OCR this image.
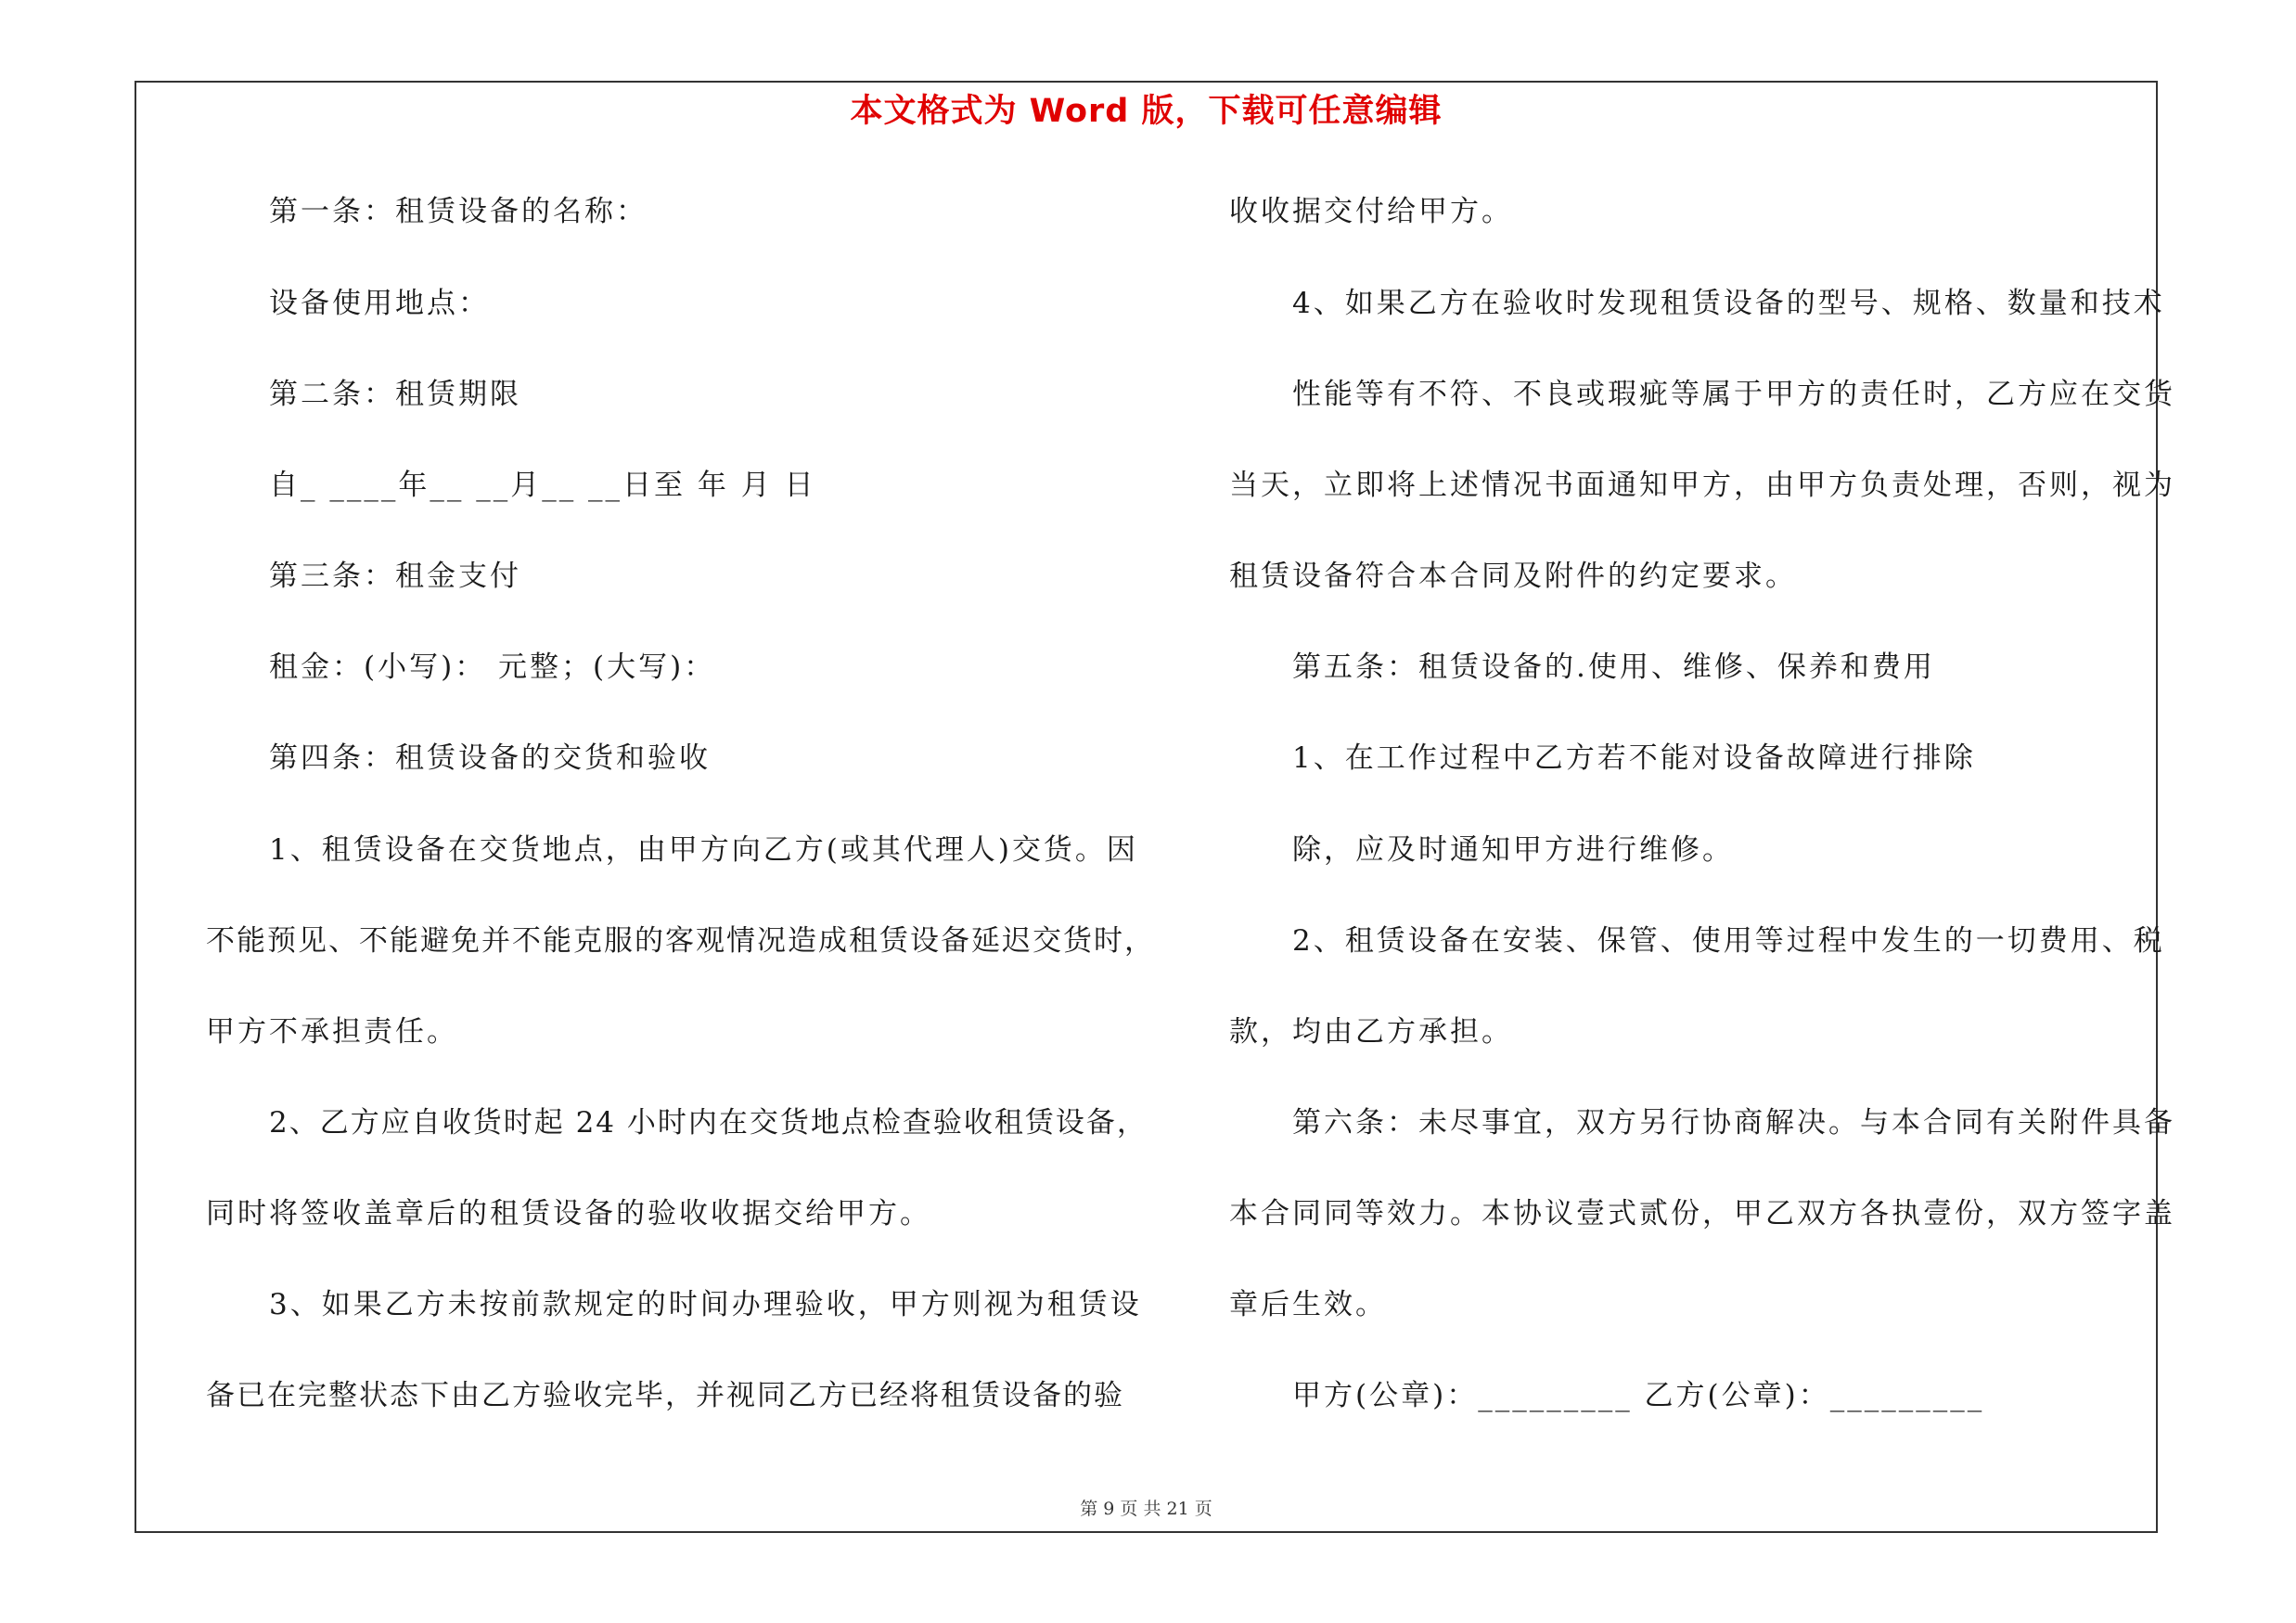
本文格式为 Word 版，下载可任意编辑
第一条：租赁设备的名称：
设备使用地点：
第二条：租赁期限
自_ ____年__ __月__ __日至 年 月 日
第三条：租金支付
租金：(小写)： 元整；(大写)：
第四条：租赁设备的交货和验收
1、租赁设备在交货地点，由甲方向乙方(或其代理人)交货。因
不能预见、不能避免并不能克服的客观情况造成租赁设备延迟交货时，
甲方不承担责任。
2、乙方应自收货时起 24 小时内在交货地点检查验收租赁设备，
同时将签收盖章后的租赁设备的验收收据交给甲方。
3、如果乙方未按前款规定的时间办理验收，甲方则视为租赁设
备已在完整状态下由乙方验收完毕，并视同乙方已经将租赁设备的验
收收据交付给甲方。
4、如果乙方在验收时发现租赁设备的型号、规格、数量和技术
性能等有不符、不良或瑕疵等属于甲方的责任时，乙方应在交货
当天，立即将上述情况书面通知甲方，由甲方负责处理，否则，视为
租赁设备符合本合同及附件的约定要求。
第五条：租赁设备的.使用、维修、保养和费用
1、在工作过程中乙方若不能对设备故障进行排除
除，应及时通知甲方进行维修。
2、租赁设备在安装、保管、使用等过程中发生的一切费用、税
款，均由乙方承担。
第六条：未尽事宜，双方另行协商解决。与本合同有关附件具备
本合同同等效力。本协议壹式贰份，甲乙双方各执壹份，双方签字盖
章后生效。
甲方(公章)：_________ 乙方(公章)：_________
第 9 页 共 21 页
